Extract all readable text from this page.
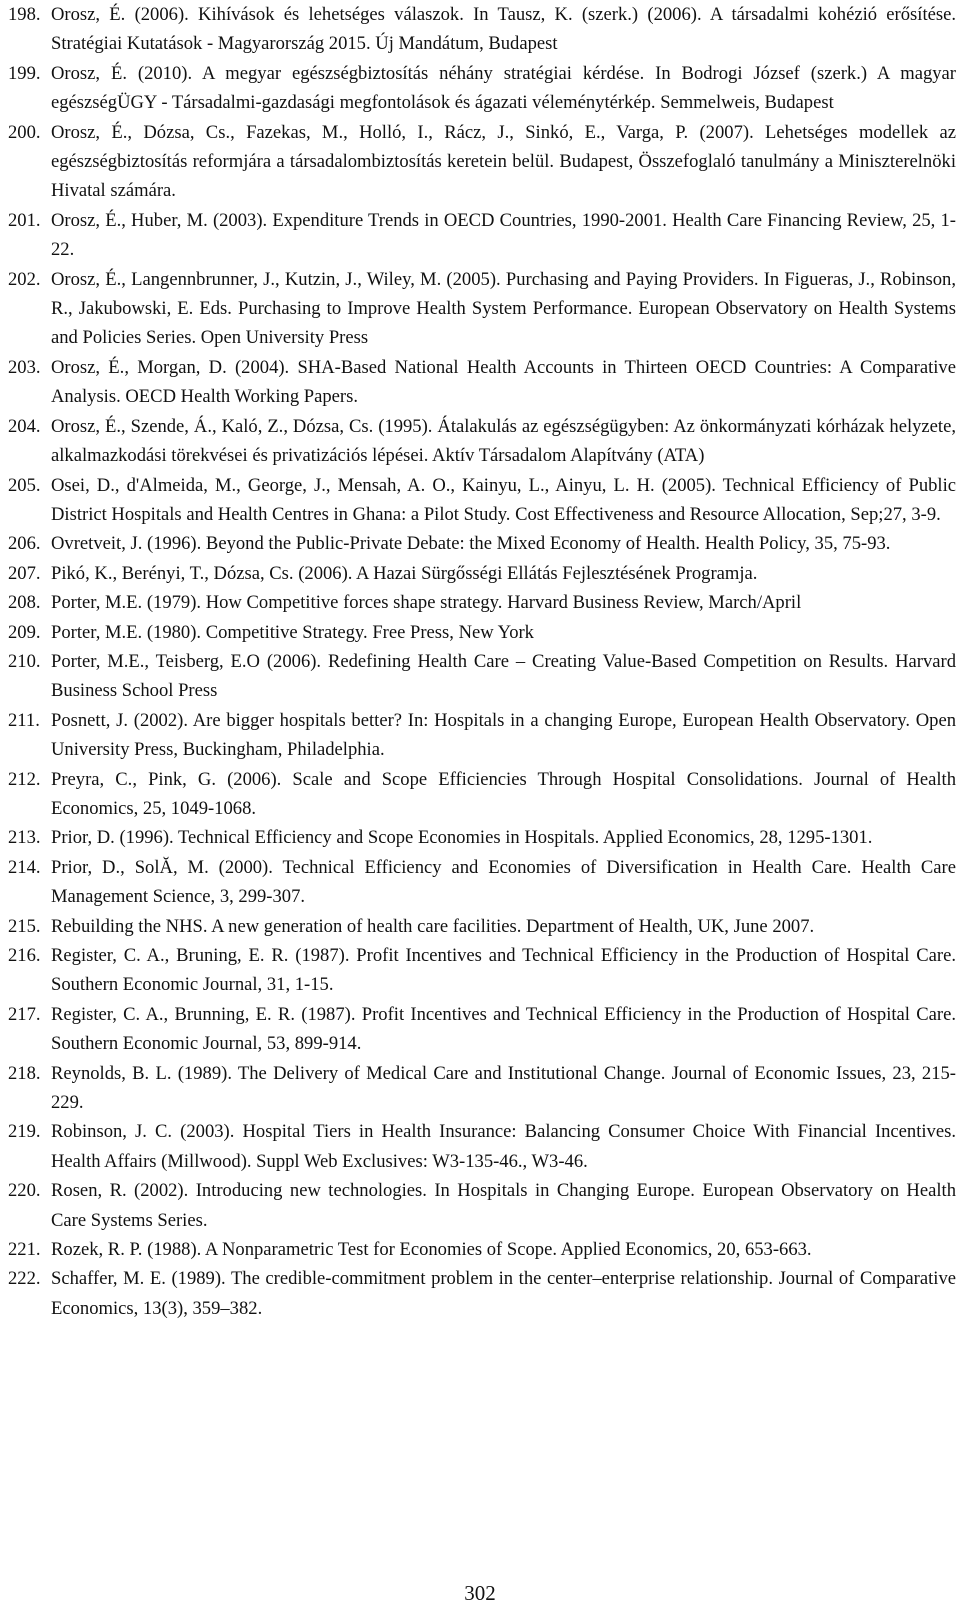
198. Orosz, É. (2006). Kihívások és lehetséges válaszok. In Tausz, K. (szerk.) (2006). A társadalmi kohézió erősítése. Stratégiai Kutatások - Magyarország 2015. Új Mandátum, Budapest
199. Orosz, É. (2010). A megyar egészségbiztosítás néhány stratégiai kérdése. In Bodrogi József (szerk.) A magyar egészségÜGY - Társadalmi-gazdasági megfontolások és ágazati véleménytérkép. Semmelweis, Budapest
200. Orosz, É., Dózsa, Cs., Fazekas, M., Holló, I., Rácz, J., Sinkó, E., Varga, P. (2007). Lehetséges modellek az egészségbiztosítás reformjára a társadalombiztosítás keretein belül. Budapest, Összefoglaló tanulmány a Miniszterelnöki Hivatal számára.
201. Orosz, É., Huber, M. (2003). Expenditure Trends in OECD Countries, 1990-2001. Health Care Financing Review, 25, 1-22.
202. Orosz, É., Langennbrunner, J., Kutzin, J., Wiley, M. (2005). Purchasing and Paying Providers. In Figueras, J., Robinson, R., Jakubowski, E. Eds. Purchasing to Improve Health System Performance. European Observatory on Health Systems and Policies Series. Open University Press
203. Orosz, É., Morgan, D. (2004). SHA-Based National Health Accounts in Thirteen OECD Countries: A Comparative Analysis. OECD Health Working Papers.
204. Orosz, É., Szende, Á., Kaló, Z., Dózsa, Cs. (1995). Átalakulás az egészségügyben: Az önkormányzati kórházak helyzete, alkalmazkodási törekvései és privatizációs lépései. Aktív Társadalom Alapítvány (ATA)
205. Osei, D., d'Almeida, M., George, J., Mensah, A. O., Kainyu, L., Ainyu, L. H. (2005). Technical Efficiency of Public District Hospitals and Health Centres in Ghana: a Pilot Study. Cost Effectiveness and Resource Allocation, Sep;27, 3-9.
206. Ovretveit, J. (1996). Beyond the Public-Private Debate: the Mixed Economy of Health. Health Policy, 35, 75-93.
207. Pikó, K., Berényi, T., Dózsa, Cs. (2006). A Hazai Sürgősségi Ellátás Fejlesztésének Programja.
208. Porter, M.E. (1979). How Competitive forces shape strategy. Harvard Business Review, March/April
209. Porter, M.E. (1980). Competitive Strategy. Free Press, New York
210. Porter, M.E., Teisberg, E.O (2006). Redefining Health Care – Creating Value-Based Competition on Results. Harvard Business School Press
211. Posnett, J. (2002). Are bigger hospitals better? In: Hospitals in a changing Europe, European Health Observatory. Open University Press, Buckingham, Philadelphia.
212. Preyra, C., Pink, G. (2006). Scale and Scope Efficiencies Through Hospital Consolidations. Journal of Health Economics, 25, 1049-1068.
213. Prior, D. (1996). Technical Efficiency and Scope Economies in Hospitals. Applied Economics, 28, 1295-1301.
214. Prior, D., SolĂ, M. (2000). Technical Efficiency and Economies of Diversification in Health Care. Health Care Management Science, 3, 299-307.
215. Rebuilding the NHS. A new generation of health care facilities. Department of Health, UK, June 2007.
216. Register, C. A., Bruning, E. R. (1987). Profit Incentives and Technical Efficiency in the Production of Hospital Care. Southern Economic Journal, 31, 1-15.
217. Register, C. A., Brunning, E. R. (1987). Profit Incentives and Technical Efficiency in the Production of Hospital Care. Southern Economic Journal, 53, 899-914.
218. Reynolds, B. L. (1989). The Delivery of Medical Care and Institutional Change. Journal of Economic Issues, 23, 215-229.
219. Robinson, J. C. (2003). Hospital Tiers in Health Insurance: Balancing Consumer Choice With Financial Incentives. Health Affairs (Millwood). Suppl Web Exclusives: W3-135-46., W3-46.
220. Rosen, R. (2002). Introducing new technologies. In Hospitals in Changing Europe. European Observatory on Health Care Systems Series.
221. Rozek, R. P. (1988). A Nonparametric Test for Economies of Scope. Applied Economics, 20, 653-663.
222. Schaffer, M. E. (1989). The credible-commitment problem in the center–enterprise relationship. Journal of Comparative Economics, 13(3), 359–382.
302
